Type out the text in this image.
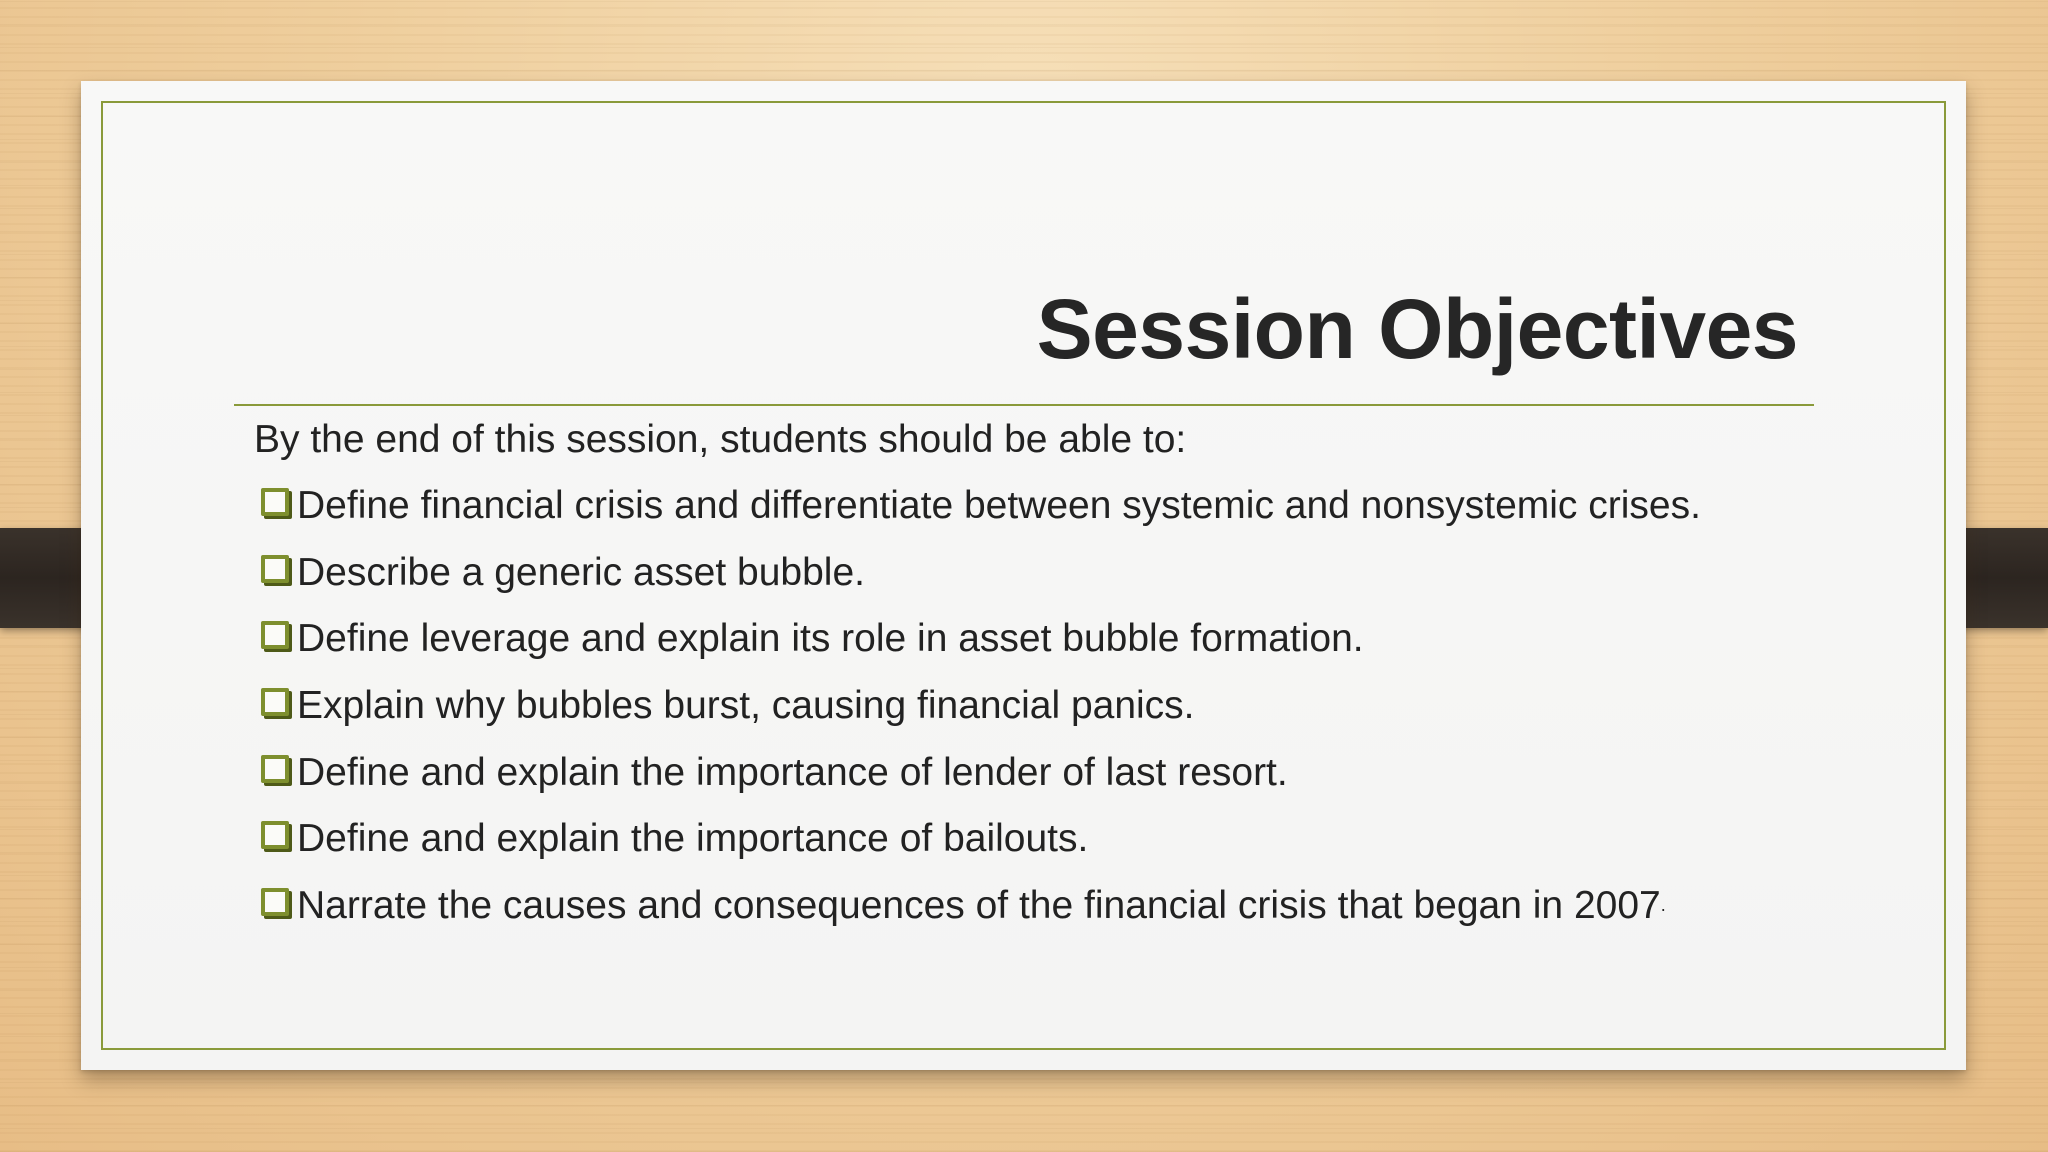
Session Objectives
By the end of this session, students should be able to:
Define financial crisis and differentiate between systemic and nonsystemic crises.
Describe a generic asset bubble.
Define leverage and explain its role in asset bubble formation.
Explain why bubbles burst, causing financial panics.
Define and explain the importance of lender of last resort.
Define and explain the importance of bailouts.
Narrate the causes and consequences of the financial crisis that began in 2007 .
